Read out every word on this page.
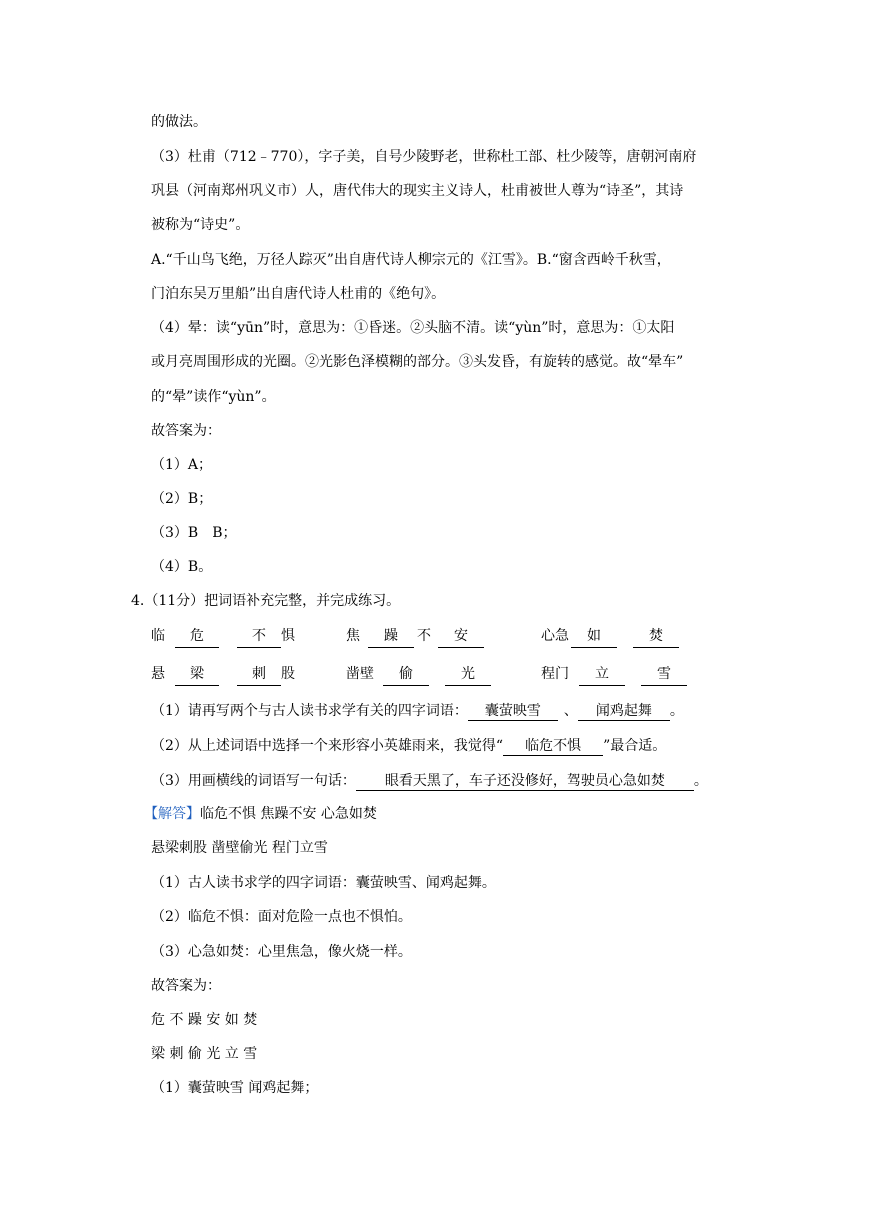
的做法。
（3）杜甫（712﹣770），字子美，自号少陵野老，世称杜工部、杜少陵等，唐朝河南府
巩县（河南郑州巩义市）人，唐代伟大的现实主义诗人，杜甫被世人尊为“诗圣”，其诗
被称为“诗史”。
A.“千山鸟飞绝，万径人踪灭”出自唐代诗人柳宗元的《江雪》。B.“窗含西岭千秋雪，
门泊东吴万里船”出自唐代诗人杜甫的《绝句》。
（4）晕：读“yūn”时，意思为：①昏迷。②头脑不清。读“yùn”时，意思为：①太阳
或月亮周围形成的光圈。②光影色泽模糊的部分。③头发昏，有旋转的感觉。故“晕车”
的“晕”读作“yùn”。
故答案为：
（1）A；
（2）B；
（3）B　B；
（4）B。
4.（11分）把词语补充完整，并完成练习。
临	危	不	惧	焦	躁	不	安	心急	如	焚
悬	梁	刺	股	凿壁	偷	光	程门	立	雪
（1）请再写两个与古人读书求学有关的四字词语： 囊萤映雪 、 闻鸡起舞 。
（2）从上述词语中选择一个来形容小英雄雨来，我觉得“ 临危不惧 ”最合适。
（3）用画横线的词语写一句话： 眼看天黑了，车子还没修好，驾驶员心急如焚 。
【解答】临危不惧 焦躁不安 心急如焚
悬梁刺股 凿壁偷光 程门立雪
（1）古人读书求学的四字词语：囊萤映雪、闻鸡起舞。
（2）临危不惧：面对危险一点也不惧怕。
（3）心急如焚：心里焦急，像火烧一样。
故答案为：
危 不 躁 安 如 焚
梁 刺 偷 光 立 雪
（1）囊萤映雪 闻鸡起舞；
